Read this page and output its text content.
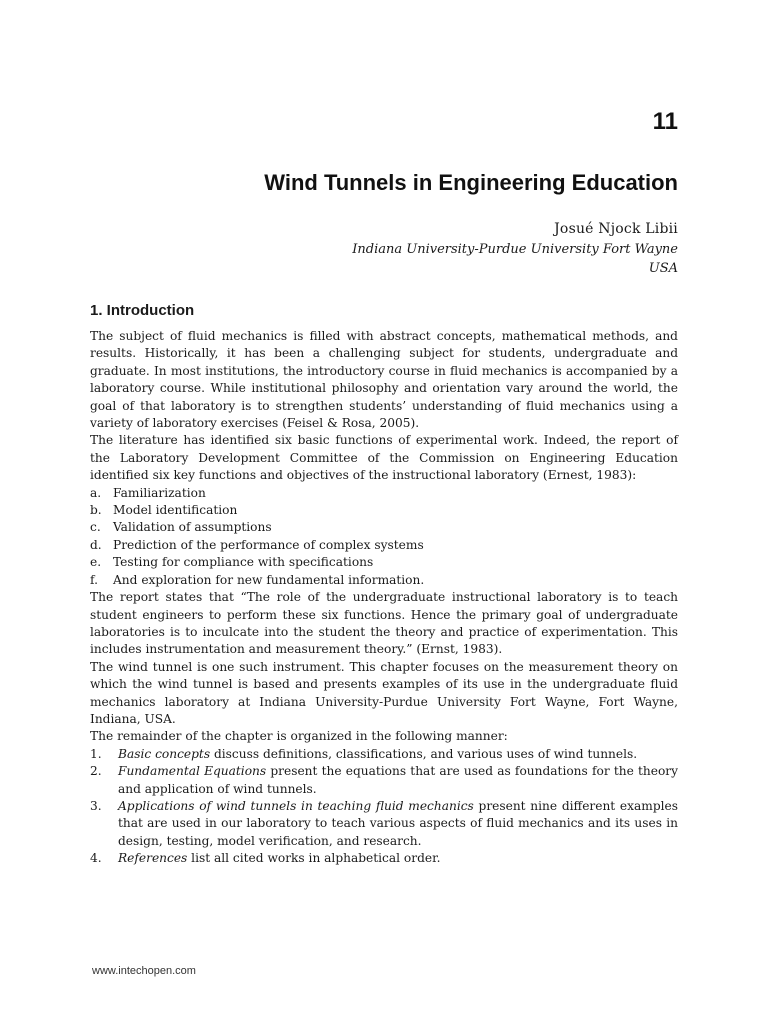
11
Wind Tunnels in Engineering Education
Josué Njock Libii
Indiana University-Purdue University Fort Wayne
USA
1. Introduction

The subject of fluid mechanics is filled with abstract concepts, mathematical methods, and results. Historically, it has been a challenging subject for students, undergraduate and graduate. In most institutions, the introductory course in fluid mechanics is accompanied by a laboratory course. While institutional philosophy and orientation vary around the world, the goal of that laboratory is to strengthen students’ understanding of fluid mechanics using a variety of laboratory exercises (Feisel & Rosa, 2005).

The literature has identified six basic functions of experimental work. Indeed, the report of the Laboratory Development Committee of the Commission on Engineering Education identified six key functions and objectives of the instructional laboratory (Ernest, 1983):

a. Familiarization
b. Model identification
c.	Validation of assumptions
d. Prediction of the performance of complex systems
e. Testing for compliance with specifications
f.	And exploration for new fundamental information.

The report states that “The role of the undergraduate instructional laboratory is to teach student engineers to perform these six functions. Hence the primary goal of undergraduate laboratories is to inculcate into the student the theory and practice of experimentation. This includes instrumentation and measurement theory.” (Ernst, 1983).

The wind tunnel is one such instrument. This chapter focuses on the measurement theory on which the wind tunnel is based and presents examples of its use in the undergraduate fluid mechanics laboratory at Indiana University-Purdue University Fort Wayne, Fort Wayne, Indiana, USA.

The remainder of the chapter is organized in the following manner:

1.	Basic concepts discuss definitions, classifications, and various uses of wind tunnels.
2.	Fundamental Equations present the equations that are used as foundations for the theory and application of wind tunnels.
3.	Applications of wind tunnels in teaching fluid mechanics present nine different examples that are used in our laboratory to teach various aspects of fluid mechanics and its uses in design, testing, model verification, and research.
4.	References list all cited works in alphabetical order.
www.intechopen.com
